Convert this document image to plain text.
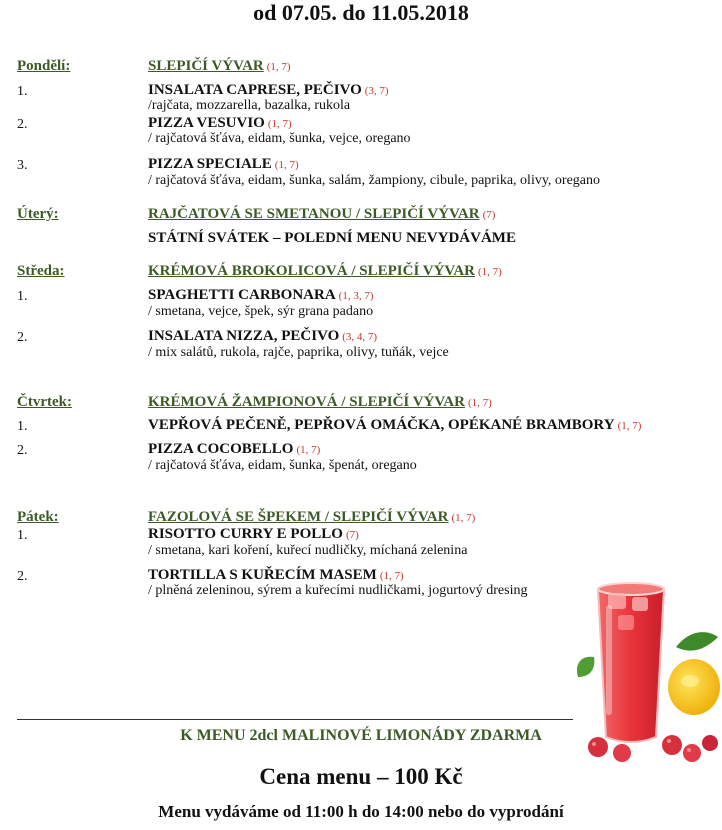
od 07.05. do 11.05.2018
Pondělí:	SLEPIČÍ VÝVAR (1, 7)
1.	INSALATA CAPRESE, PEČIVO (3, 7)
/rajčata, mozzarella, bazalka, rukola
2.	PIZZA VESUVIO (1, 7)
/ rajčatová šťáva, eidam, šunka, vejce, oregano
3.	PIZZA SPECIALE (1, 7)
/ rajčatová šťáva, eidam, šunka, salám, žampiony, cibule, paprika, olivy, oregano
Úterý:	RAJČATOVÁ SE SMETANOU / SLEPIČÍ VÝVAR (7)
STÁTNÍ SVÁTEK – POLEDNÍ MENU NEVYDÁVÁME
Středa:	KRÉMOVÁ BROKOLICOVÁ / SLEPIČÍ VÝVAR (1, 7)
1.	SPAGHETTI CARBONARA (1, 3, 7)
/ smetana, vejce, špek, sýr grana padano
2.	INSALATA NIZZA, PEČIVO (3, 4, 7)
/ mix salátů, rukola, rajče, paprika, olivy, tuňák, vejce
Čtvrtek:	KRÉMOVÁ ŽAMPIONOVÁ / SLEPIČÍ VÝVAR (1, 7)
1.	VEPŘOVÁ PEČENĚ, PEPŘOVÁ OMÁČKA, OPÉKANÉ BRAMBORY (1, 7)
2.	PIZZA COCOBELLO (1, 7)
/ rajčatová šťáva, eidam, šunka, špenát, oregano
Pátek:	FAZOLOVÁ SE ŠPEKEM / SLEPIČÍ VÝVAR (1, 7)
1.	RISOTTO CURRY E POLLO (7)
/ smetana, kari koření, kuřecí nudličky, míchaná zelenina
2.	TORTILLA S KUŘECÍM MASEM (1, 7)
/ plněná zeleninou, sýrem a kuřecími nudličkami, jogurtový dresing
K MENU 2dcl MALINOVÉ LIMONÁDY ZDARMA
Cena menu – 100 Kč
Menu vydáváme od 11:00 h do 14:00 nebo do vyprodání
